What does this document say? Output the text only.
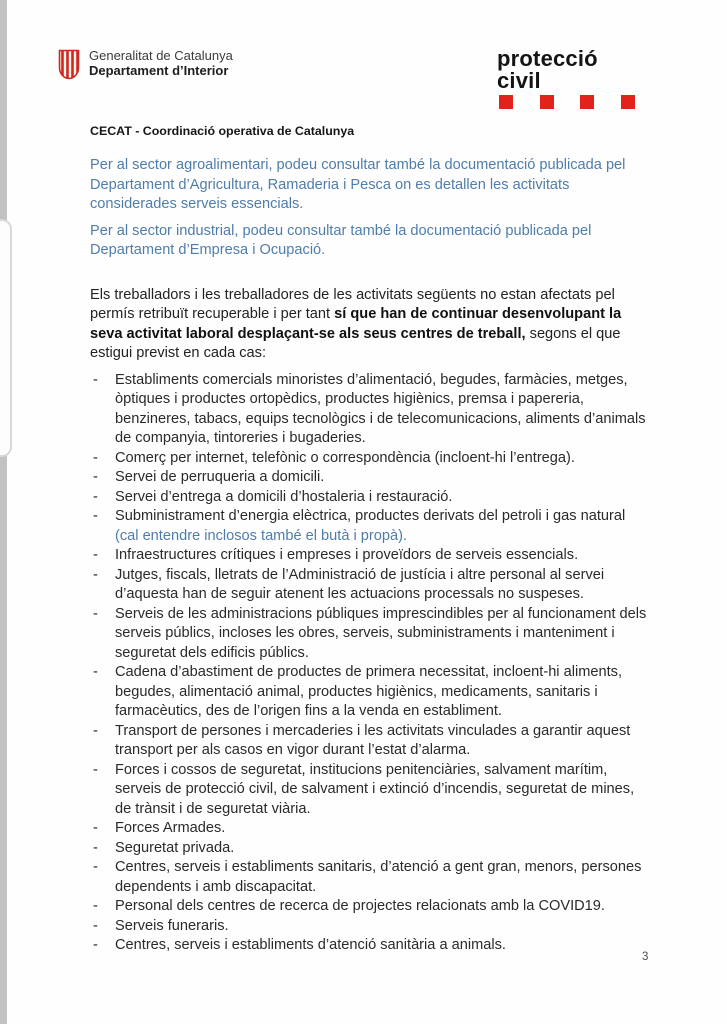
Generalitat de Catalunya
Departament d’Interior	protecció civil
CECAT - Coordinació operativa de Catalunya

Per al sector agroalimentari, podeu consultar també la documentació publicada pel Departament d’Agricultura, Ramaderia i Pesca on es detallen les activitats considerades serveis essencials.

Per al sector industrial, podeu consultar també la documentació publicada pel Departament d’Empresa i Ocupació.

Els treballadors i les treballadores de les activitats següents no estan afectats pel permís retribuït recuperable i per tant sí que han de continuar desenvolupant la seva activitat laboral desplaçant-se als seus centres de treball, segons el que estigui previst en cada cas:

-	Establiments comercials minoristes d’alimentació, begudes, farmàcies, metges, òptiques i productes ortopèdics, productes higiènics, premsa i papereria, benzineres, tabacs, equips tecnològics i de telecomunicacions, aliments d’animals de companyia, tintoreries i bugaderies.
-	Comerç per internet, telefònic o correspondència (incloent-hi l’entrega).
-	Servei de perruqueria a domicili.
-	Servei d’entrega a domicili d’hostaleria i restauració.
-	Subministrament d’energia elèctrica, productes derivats del petroli i gas natural (cal entendre inclosos també el butà i propà).
-	Infraestructures crítiques i empreses i proveïdors de serveis essencials.
-	Jutges, fiscals, lletrats de l’Administració de justícia i altre personal al servei d’aquesta han de seguir atenent les actuacions processals no suspeses.
-	Serveis de les administracions públiques imprescindibles per al funcionament dels serveis públics, incloses les obres, serveis, subministraments i manteniment i seguretat dels edificis públics.
-	Cadena d’abastiment de productes de primera necessitat, incloent-hi aliments, begudes, alimentació animal, productes higiènics, medicaments, sanitaris i farmacèutics, des de l’origen fins a la venda en establiment.
-	Transport de persones i mercaderies i les activitats vinculades a garantir aquest transport per als casos en vigor durant l’estat d’alarma.
-	Forces i cossos de seguretat, institucions penitenciàries, salvament marítim, serveis de protecció civil, de salvament i extinció d’incendis, seguretat de mines, de trànsit i de seguretat viària.
-	Forces Armades.
-	Seguretat privada.
-	Centres, serveis i establiments sanitaris, d’atenció a gent gran, menors, persones dependents i amb discapacitat.
-	Personal dels centres de recerca de projectes relacionats amb la COVID19.
-	Serveis funeraris.
-	Centres, serveis i establiments d’atenció sanitària a animals.
3
